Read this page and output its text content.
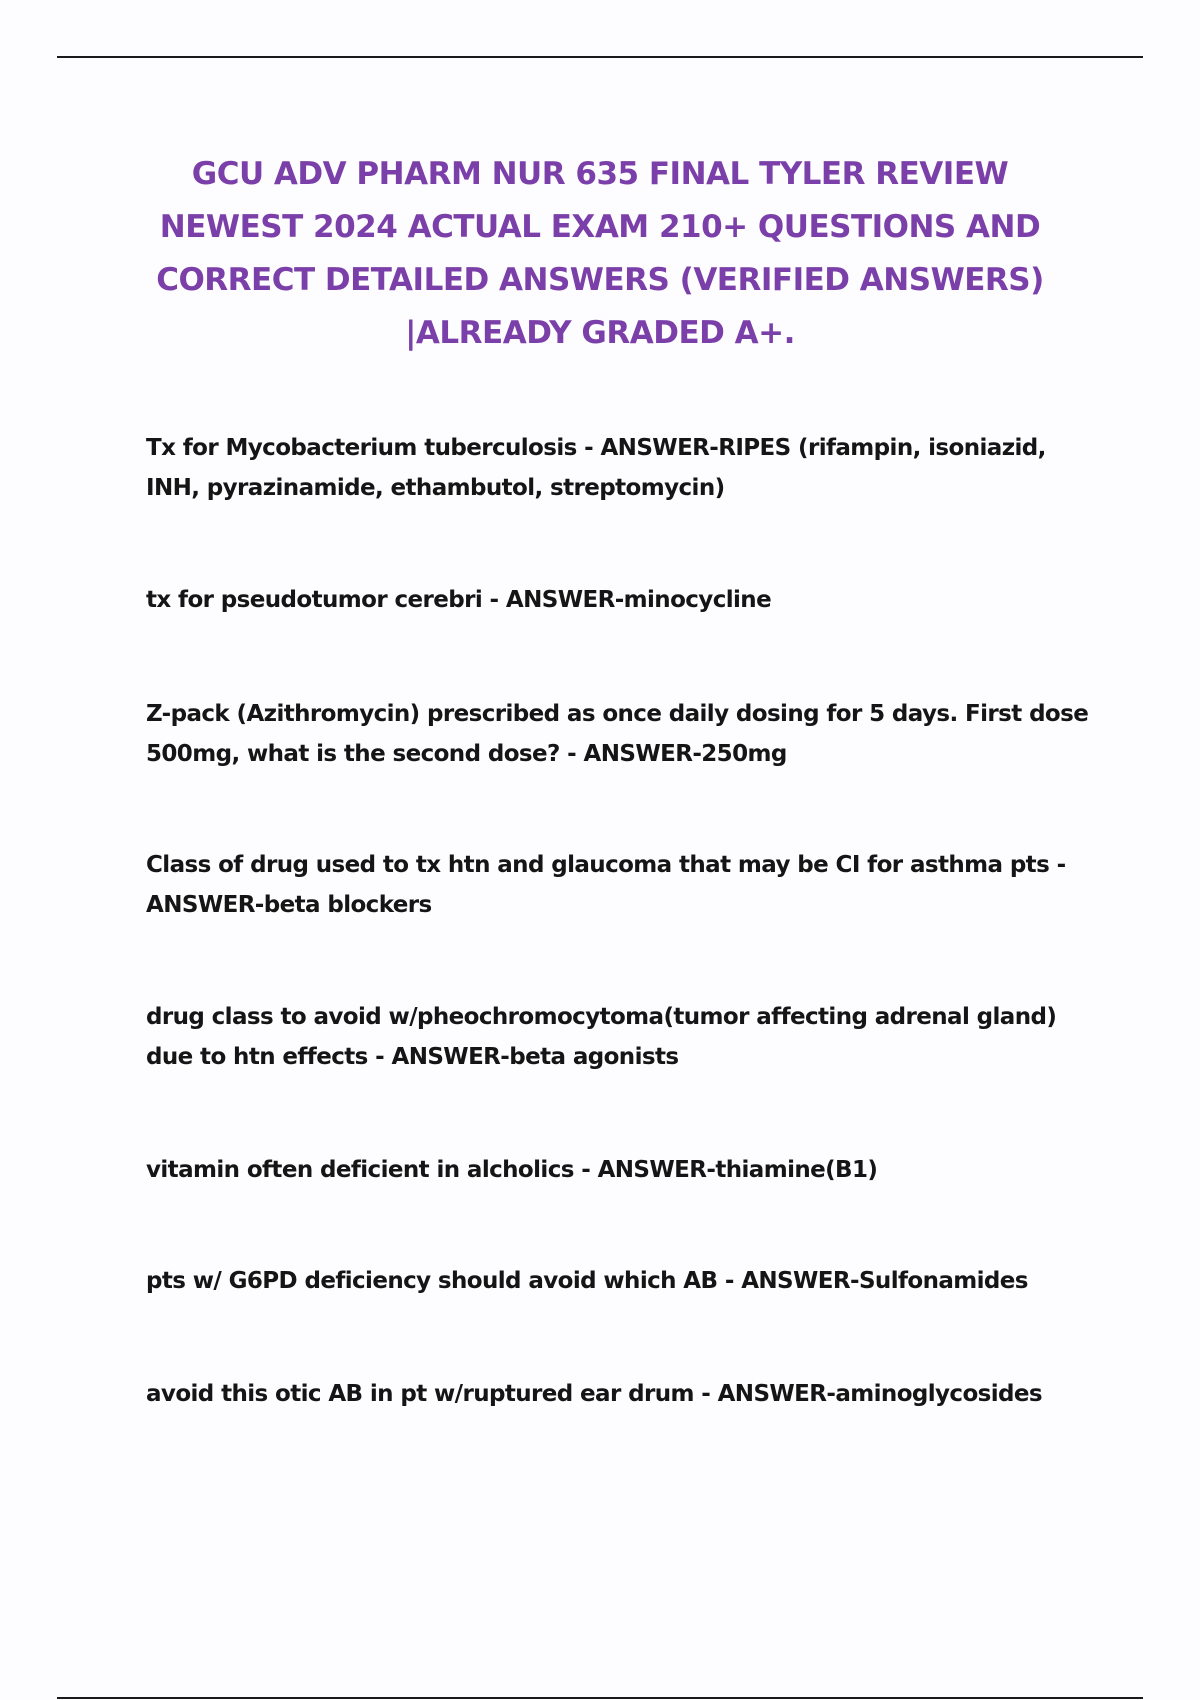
GCU ADV PHARM NUR 635 FINAL TYLER REVIEW
NEWEST 2024 ACTUAL EXAM 210+ QUESTIONS AND
CORRECT DETAILED ANSWERS (VERIFIED ANSWERS)
|ALREADY GRADED A+.
Tx for Mycobacterium tuberculosis - ANSWER-RIPES (rifampin, isoniazid,
INH, pyrazinamide, ethambutol, streptomycin)
tx for pseudotumor cerebri - ANSWER-minocycline
Z-pack (Azithromycin) prescribed as once daily dosing for 5 days. First dose
500mg, what is the second dose? - ANSWER-250mg
Class of drug used to tx htn and glaucoma that may be CI for asthma pts -
ANSWER-beta blockers
drug class to avoid w/pheochromocytoma(tumor affecting adrenal gland)
due to htn effects - ANSWER-beta agonists
vitamin often deficient in alcholics - ANSWER-thiamine(B1)
pts w/ G6PD deficiency should avoid which AB - ANSWER-Sulfonamides
avoid this otic AB in pt w/ruptured ear drum - ANSWER-aminoglycosides
